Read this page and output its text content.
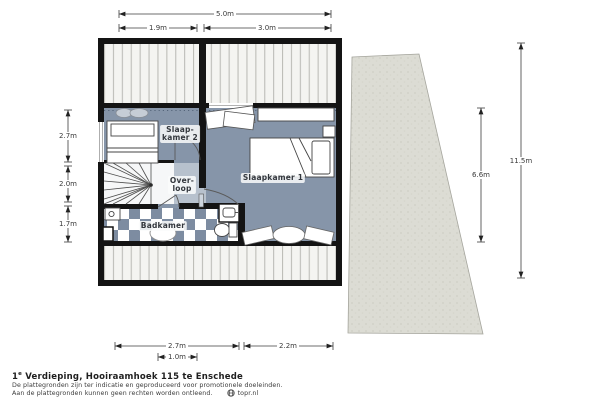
5.0m
1.9m	3.0m
2.7m
2.0m
1.7m
6.6m
11.5m
2.7m	2.2m
1.0m
Slaap-
kamer 2
Over-
loop
Slaapkamer 1
Badkamer
1e Verdieping, Hooiraamhoek 115 te Enschede
De plattegronden zijn ter indicatie en geproduceerd voor promotionele doeleinden.
Aan de plattegronden kunnen geen rechten worden ontleend.	topr.nl
